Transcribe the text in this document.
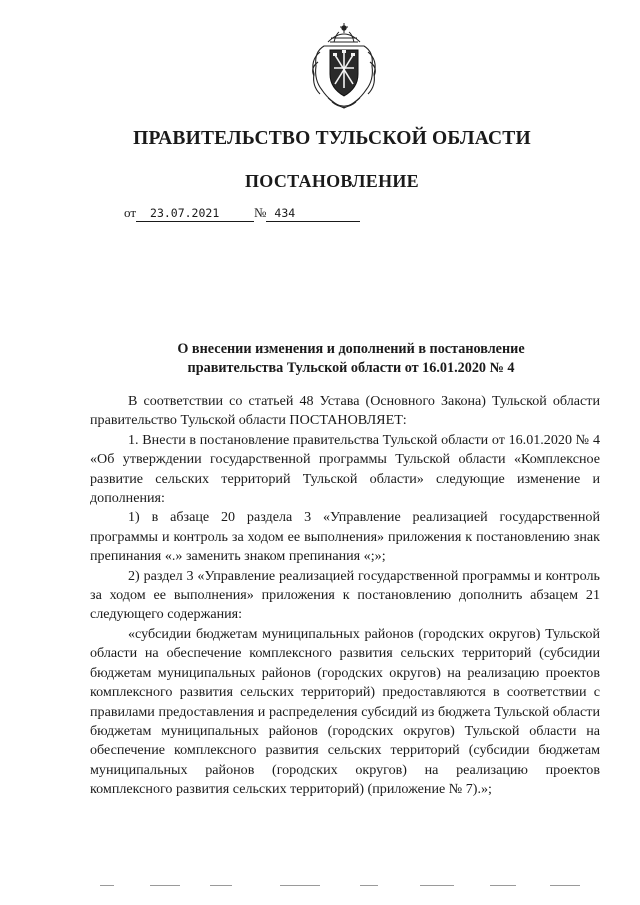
ПРАВИТЕЛЬСТВО ТУЛЬСКОЙ ОБЛАСТИ
ПОСТАНОВЛЕНИЕ
от 23.07.2021	№ 434
О внесении изменения и дополнений в постановление
правительства Тульской области от 16.01.2020 № 4

В соответствии со статьей 48 Устава (Основного Закона) Тульской области правительство Тульской области ПОСТАНОВЛЯЕТ:

1. Внести в постановление правительства Тульской области от 16.01.2020 № 4 «Об утверждении государственной программы Тульской области «Комплексное развитие сельских территорий Тульской области» следующие изменение и дополнения:

1) в абзаце 20 раздела 3 «Управление реализацией государственной программы и контроль за ходом ее выполнения» приложения к постановлению знак препинания «.» заменить знаком препинания «;»;

2) раздел 3 «Управление реализацией государственной программы и контроль за ходом ее выполнения» приложения к постановлению дополнить абзацем 21 следующего содержания:

«субсидии бюджетам муниципальных районов (городских округов) Тульской области на обеспечение комплексного развития сельских территорий (субсидии бюджетам муниципальных районов (городских округов) на реализацию проектов комплексного развития сельских территорий) предоставляются в соответствии с правилами предоставления и распределения субсидий из бюджета Тульской области бюджетам муниципальных районов (городских округов) Тульской области на обеспечение комплексного развития сельских территорий (субсидии бюджетам муниципальных районов (городских округов) на реализацию проектов комплексного развития сельских территорий) (приложение № 7).»;
